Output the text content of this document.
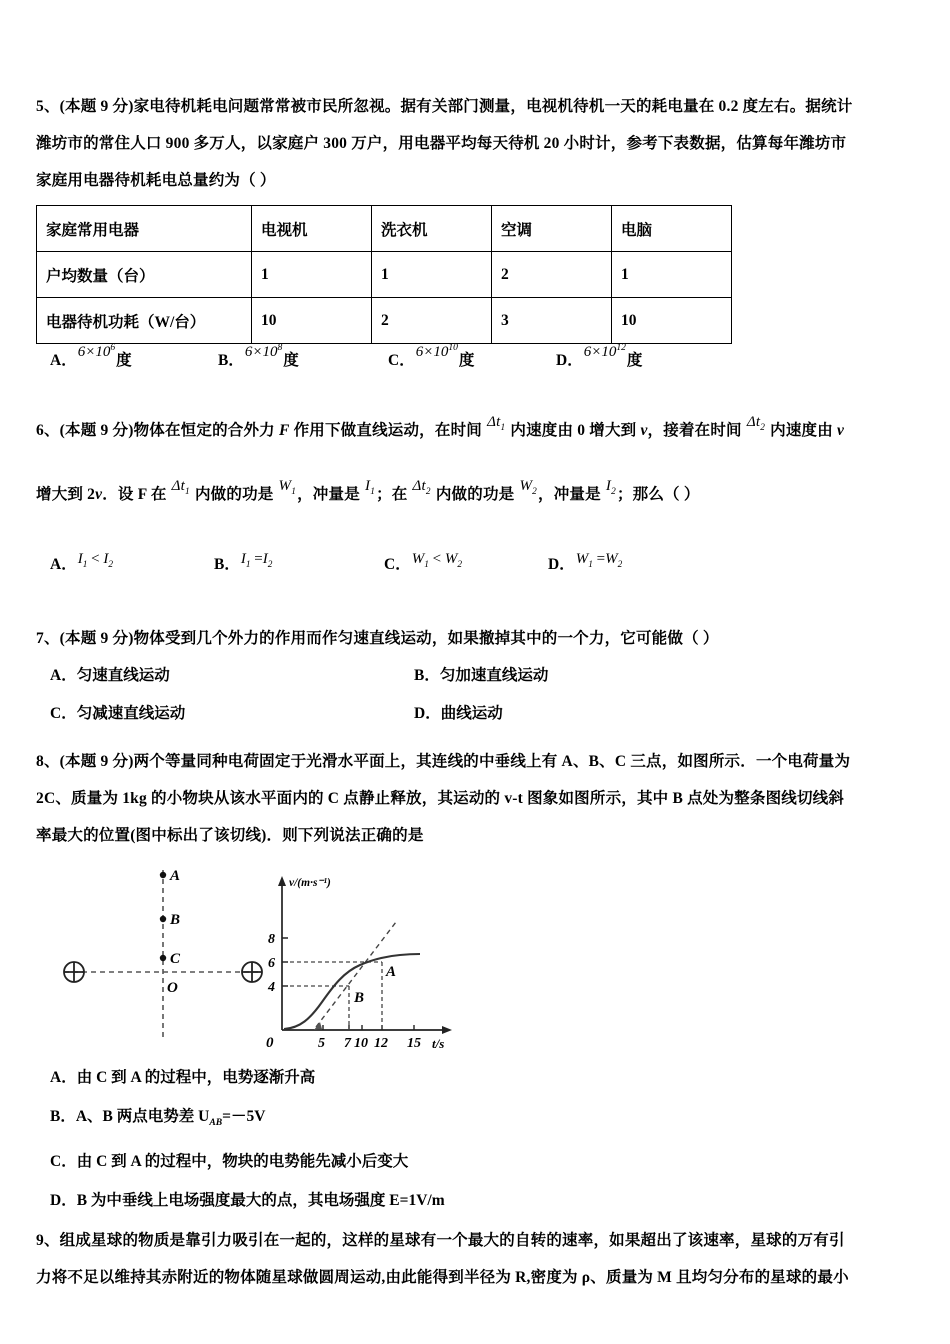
5、(本题 9 分)家电待机耗电问题常常被市民所忽视。据有关部门测量，电视机待机一天的耗电量在 0.2 度左右。据统计
潍坊市的常住人口 900 多万人，以家庭户 300 万户，用电器平均每天待机 20 小时计，参考下表数据，估算每年潍坊市
家庭用电器待机耗电总量约为（ ）
家庭常用电器	电视机	洗衣机	空调	电脑
户均数量（台）	1	1	2	1
电器待机功耗（W/台）	10	2	3	10
A．$6\times 10^6$度	B．$6\times 10^8$度	C．$6\times 10^{10}$度	D．$6\times 10^{12}$度
6、(本题 9 分)物体在恒定的合外力 F 作用下做直线运动，在时间 $\Delta t_1$ 内速度由 0 增大到 v，接着在时间 $\Delta t_2$ 内速度由 v
增大到 2v．设 F 在 $\Delta t_1$ 内做的功是 $W_1$，冲量是 $I_1$；在 $\Delta t_2$ 内做的功是 $W_2$，冲量是 $I_2$；那么（ ）
A．$I_1 < I_2$	B．$I_1 =I_2$	C．$W_1 < W_2$	D．$W_1 =W_2$
7、(本题 9 分)物体受到几个外力的作用而作匀速直线运动，如果撤掉其中的一个力，它可能做（ ）
A．匀速直线运动	B．匀加速直线运动
C．匀减速直线运动	D．曲线运动
8、(本题 9 分)两个等量同种电荷固定于光滑水平面上，其连线的中垂线上有 A、B、C 三点，如图所示．一个电荷量为
2C、质量为 1kg 的小物块从该水平面内的 C 点静止释放，其运动的 v-t 图象如图所示，其中 B 点处为整条图线切线斜
率最大的位置(图中标出了该切线)．则下列说法正确的是
A
B
C
O
v/(m·s⁻¹)
t/s
0
4
6
8
5 7 10 12 15
A
B
A．由 C 到 A 的过程中，电势逐渐升高
B．A、B 两点电势差 $U_{AB}=-5V$
C．由 C 到 A 的过程中，物块的电势能先减小后变大
D．B 为中垂线上电场强度最大的点，其电场强度 E=1V/m
9、组成星球的物质是靠引力吸引在一起的，这样的星球有一个最大的自转的速率，如果超出了该速率，星球的万有引
力将不足以维持其赤附近的物体随星球做圆周运动,由此能得到半径为 R,密度为 ρ、质量为 M 且均匀分布的星球的最小
